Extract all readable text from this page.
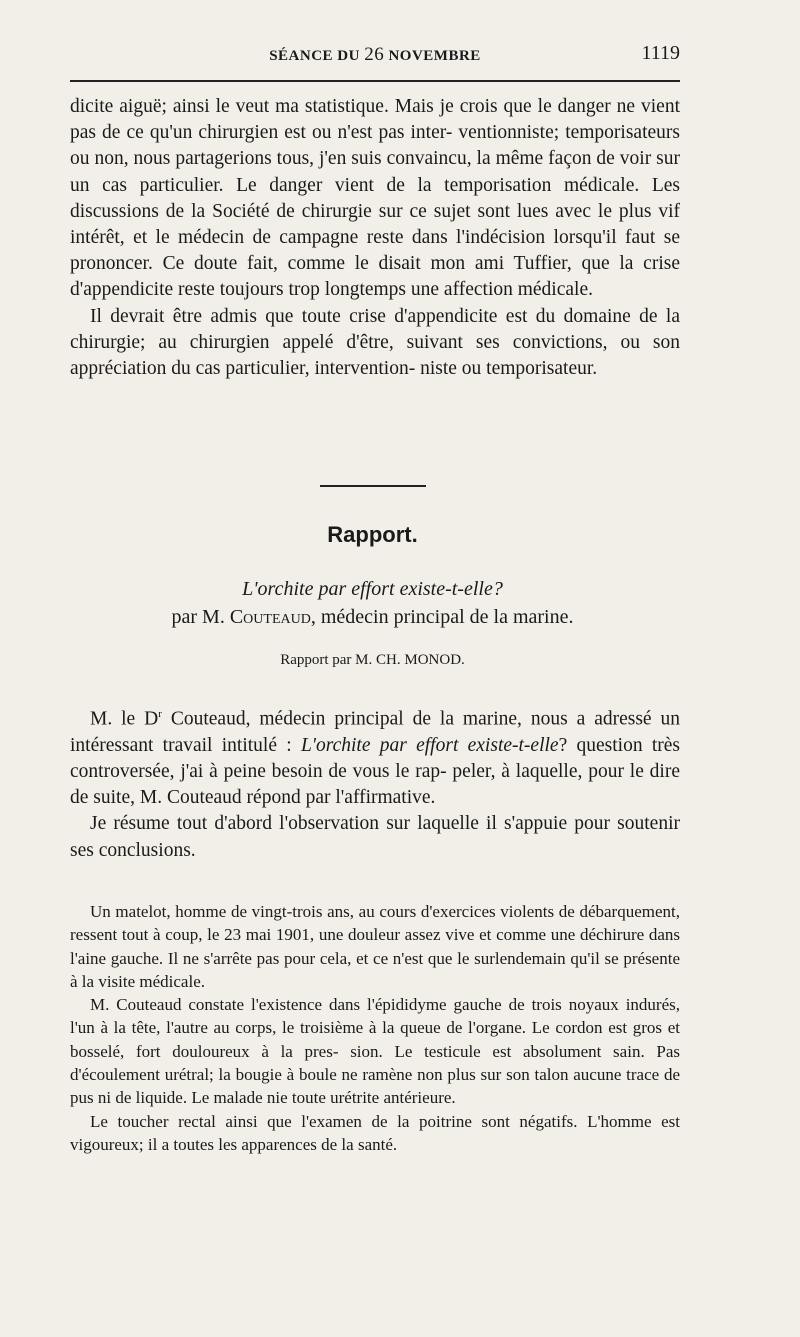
SÉANCE DU 26 NOVEMBRE	1119

dicite aiguë; ainsi le veut ma statistique. Mais je crois que le danger ne vient pas de ce qu'un chirurgien est ou n'est pas inter- ventionniste; temporisateurs ou non, nous partagerions tous, j'en suis convaincu, la même façon de voir sur un cas particulier. Le danger vient de la temporisation médicale. Les discussions de la Société de chirurgie sur ce sujet sont lues avec le plus vif intérêt, et le médecin de campagne reste dans l'indécision lorsqu'il faut se prononcer. Ce doute fait, comme le disait mon ami Tuffier, que la crise d'appendicite reste toujours trop longtemps une affection médicale.

Il devrait être admis que toute crise d'appendicite est du domaine de la chirurgie; au chirurgien appelé d'être, suivant ses convictions, ou son appréciation du cas particulier, intervention- niste ou temporisateur.

Rapport.
L'orchite par effort existe-t-elle?
par M. Couteaud, médecin principal de la marine.
Rapport par M. CH. MONOD.

M. le $D^r$ Couteaud, médecin principal de la marine, nous a adressé un intéressant travail intitulé : L'orchite par effort existe-t-elle? question très controversée, j'ai à peine besoin de vous le rap- peler, à laquelle, pour le dire de suite, M. Couteaud répond par l'affirmative.

Je résume tout d'abord l'observation sur laquelle il s'appuie pour soutenir ses conclusions.

Un matelot, homme de vingt-trois ans, au cours d'exercices violents de débarquement, ressent tout à coup, le 23 mai 1901, une douleur assez vive et comme une déchirure dans l'aine gauche. Il ne s'arrête pas pour cela, et ce n'est que le surlendemain qu'il se présente à la visite médicale.

M. Couteaud constate l'existence dans l'épididyme gauche de trois noyaux indurés, l'un à la tête, l'autre au corps, le troisième à la queue de l'organe. Le cordon est gros et bosselé, fort douloureux à la pres- sion. Le testicule est absolument sain. Pas d'écoulement urétral; la bougie à boule ne ramène non plus sur son talon aucune trace de pus ni de liquide. Le malade nie toute urétrite antérieure.

Le toucher rectal ainsi que l'examen de la poitrine sont négatifs. L'homme est vigoureux; il a toutes les apparences de la santé.
